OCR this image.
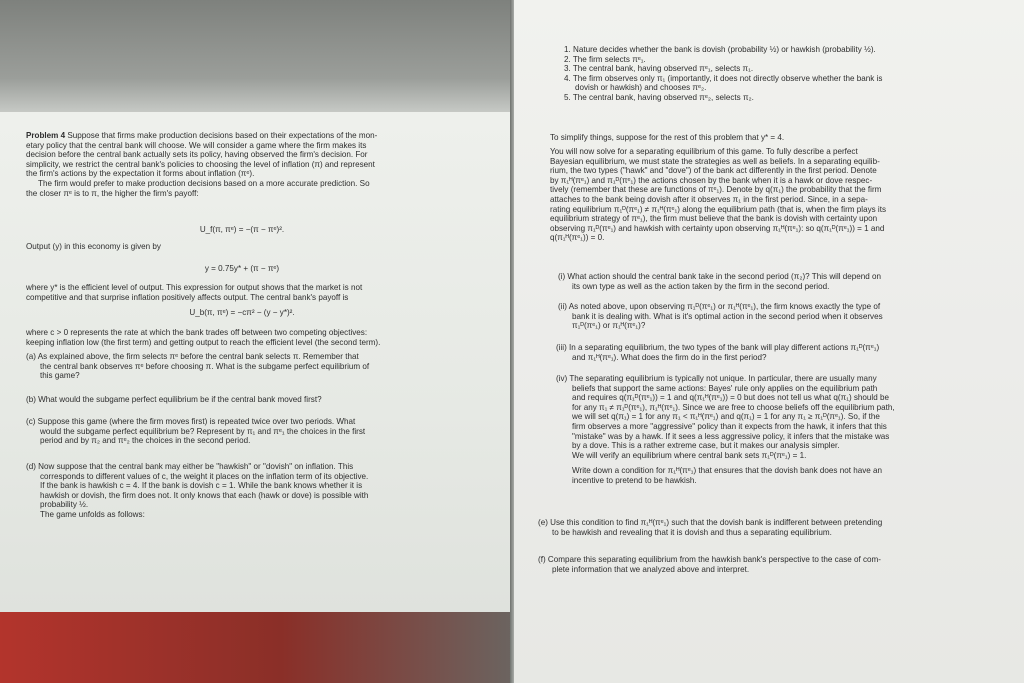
Problem 4 Suppose that firms make production decisions based on their expectations of the mon-
etary policy that the central bank will choose. We will consider a game where the firm makes its
decision before the central bank actually sets its policy, having observed the firm's decision. For
simplicity, we restrict the central bank's policies to choosing the level of inflation (π) and represent
the firm's actions by the expectation it forms about inflation (πᵉ).
The firm would prefer to make production decisions based on a more accurate prediction. So
the closer πᵉ is to π, the higher the firm's payoff:
U_f(π, πᵉ) = −(π − πᵉ)².
Output (y) in this economy is given by
y = 0.75y* + (π − πᵉ)
where y* is the efficient level of output. This expression for output shows that the market is not
competitive and that surprise inflation positively affects output. The central bank's payoff is
U_b(π, πᵉ) = −cπ² − (y − y*)².
where c > 0 represents the rate at which the bank trades off between two competing objectives:
keeping inflation low (the first term) and getting output to reach the efficient level (the second term).
(a) As explained above, the firm selects πᵉ before the central bank selects π. Remember that
the central bank observes πᵉ before choosing π. What is the subgame perfect equilibrium of
this game?
(b) What would the subgame perfect equilibrium be if the central bank moved first?
(c) Suppose this game (where the firm moves first) is repeated twice over two periods. What
would the subgame perfect equilibrium be? Represent by π₁ and πᵉ₁ the choices in the first
period and by π₂ and πᵉ₂ the choices in the second period.
(d) Now suppose that the central bank may either be "hawkish" or "dovish" on inflation. This
corresponds to different values of c, the weight it places on the inflation term of its objective.
If the bank is hawkish c = 4. If the bank is dovish c = 1. While the bank knows whether it is
hawkish or dovish, the firm does not. It only knows that each (hawk or dove) is possible with
probability ½.
The game unfolds as follows:
1. Nature decides whether the bank is dovish (probability ½) or hawkish (probability ½).
2. The firm selects πᵉ₁.
3. The central bank, having observed πᵉ₁, selects π₁.
4. The firm observes only π₁ (importantly, it does not directly observe whether the bank is
dovish or hawkish) and chooses πᵉ₂.
5. The central bank, having observed πᵉ₂, selects π₂.
To simplify things, suppose for the rest of this problem that y* = 4.
You will now solve for a separating equilibrium of this game. To fully describe a perfect
Bayesian equilibrium, we must state the strategies as well as beliefs. In a separating equilib-
rium, the two types ("hawk" and "dove") of the bank act differently in the first period. Denote
by π₁ᴴ(πᵉ₁) and π₁ᴰ(πᵉ₁) the actions chosen by the bank when it is a hawk or dove respec-
tively (remember that these are functions of πᵉ₁). Denote by q(π₁) the probability that the firm
attaches to the bank being dovish after it observes π₁ in the first period. Since, in a sepa-
rating equilibrium π₁ᴰ(πᵉ₁) ≠ π₁ᴴ(πᵉ₁) along the equilibrium path (that is, when the firm plays its
equilibrium strategy of πᵉ₁), the firm must believe that the bank is dovish with certainty upon
observing π₁ᴰ(πᵉ₁) and hawkish with certainty upon observing π₁ᴴ(πᵉ₁): so q(π₁ᴰ(πᵉ₁)) = 1 and
q(π₁ᴴ(πᵉ₁)) = 0.
(i) What action should the central bank take in the second period (π₂)? This will depend on
its own type as well as the action taken by the firm in the second period.
(ii) As noted above, upon observing π₁ᴰ(πᵉ₁) or π₁ᴴ(πᵉ₁), the firm knows exactly the type of
bank it is dealing with. What is it's optimal action in the second period when it observes
π₁ᴰ(πᵉ₁) or π₁ᴴ(πᵉ₁)?
(iii) In a separating equilibrium, the two types of the bank will play different actions π₁ᴰ(πᵉ₁)
and π₁ᴴ(πᵉ₁). What does the firm do in the first period?
(iv) The separating equilibrium is typically not unique. In particular, there are usually many
beliefs that support the same actions: Bayes' rule only applies on the equilibrium path
and requires q(π₁ᴰ(πᵉ₁)) = 1 and q(π₁ᴴ(πᵉ₁)) = 0 but does not tell us what q(π₁) should be
for any π₁ ≠ π₁ᴰ(πᵉ₁), π₁ᴴ(πᵉ₁). Since we are free to choose beliefs off the equilibrium path,
we will set q(π₁) = 1 for any π₁ < π₁ᴴ(πᵉ₁) and q(π₁) = 1 for any π₁ ≥ π₁ᴰ(πᵉ₁). So, if the
firm observes a more "aggressive" policy than it expects from the hawk, it infers that this
"mistake" was by a hawk. If it sees a less aggressive policy, it infers that the mistake was
by a dove. This is a rather extreme case, but it makes our analysis simpler.
We will verify an equilibrium where central bank sets π₁ᴰ(πᵉ₁) = 1.
Write down a condition for π₁ᴴ(πᵉ₁) that ensures that the dovish bank does not have an
incentive to pretend to be hawkish.
(e) Use this condition to find π₁ᴴ(πᵉ₁) such that the dovish bank is indifferent between pretending
to be hawkish and revealing that it is dovish and thus a separating equilibrium.
(f) Compare this separating equilibrium from the hawkish bank's perspective to the case of com-
plete information that we analyzed above and interpret.
